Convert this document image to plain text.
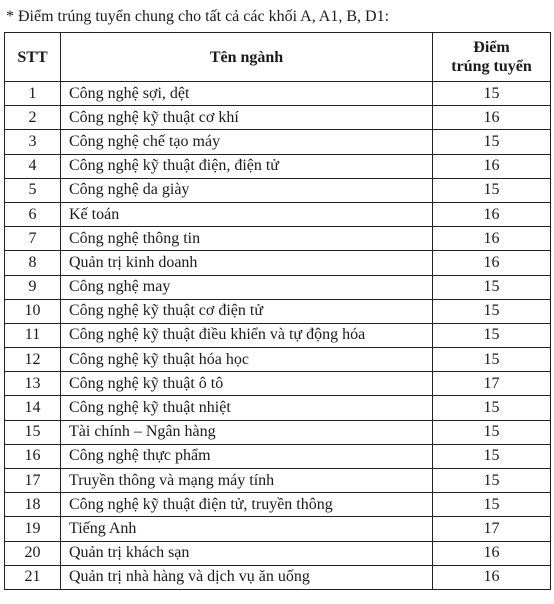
* Điểm trúng tuyển chung cho tất cả các khối A, A1, B, D1:
STT	Tên ngành	Điểm
trúng tuyển
1	Công nghệ sợi, dệt	15
2	Công nghệ kỹ thuật cơ khí	16
3	Công nghệ chế tạo máy	15
4	Công nghệ kỹ thuật điện, điện tử	16
5	Công nghệ da giày	15
6	Kế toán	16
7	Công nghệ thông tin	16
8	Quản trị kinh doanh	16
9	Công nghệ may	15
10	Công nghệ kỹ thuật cơ điện tử	15
11	Công nghệ kỹ thuật điều khiển và tự động hóa	15
12	Công nghệ kỹ thuật hóa học	15
13	Công nghệ kỹ thuật ô tô	17
14	Công nghệ kỹ thuật nhiệt	15
15	Tài chính – Ngân hàng	15
16	Công nghệ thực phẩm	15
17	Truyền thông và mạng máy tính	15
18	Công nghệ kỹ thuật điện tử, truyền thông	15
19	Tiếng Anh	17
20	Quản trị khách sạn	16
21	Quản trị nhà hàng và dịch vụ ăn uống	16
